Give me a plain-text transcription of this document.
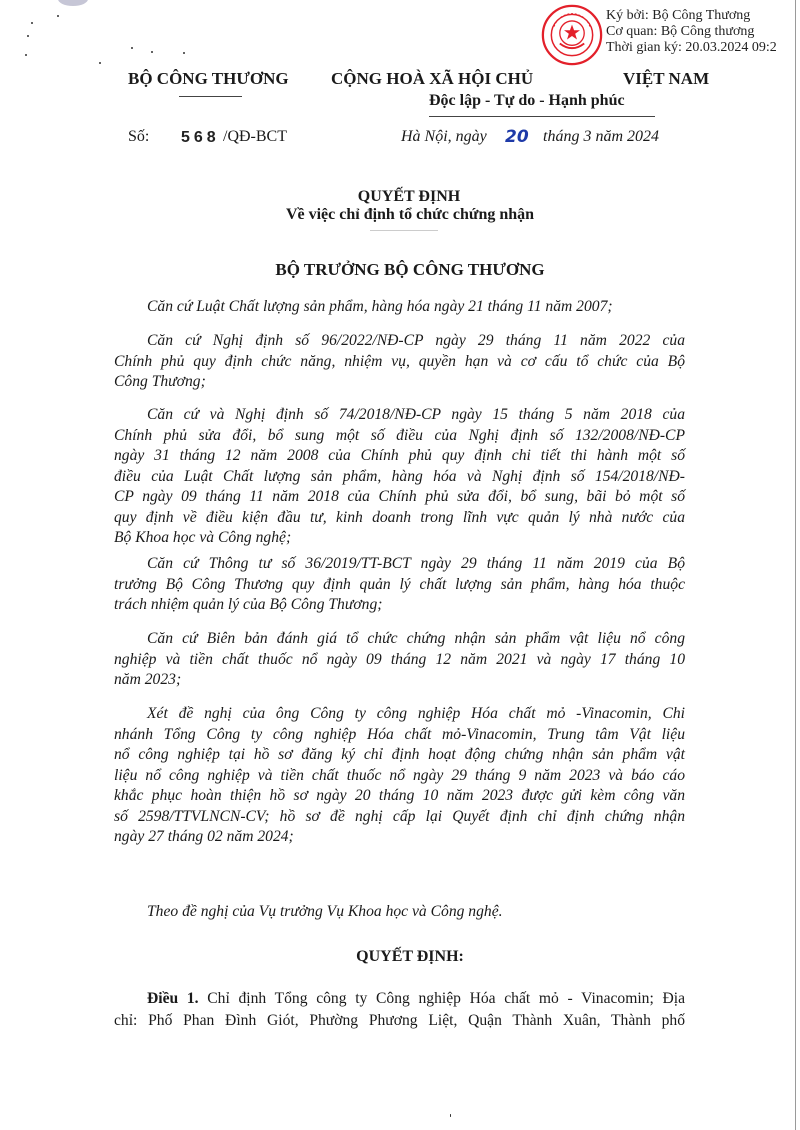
BỘ CÔNG THƯƠNG CỘNG HOÀ XÃ HỘI CHỦ	VIỆT NAM
Độc lập - Tự do - Hạnh phúc
Số: 568 /QĐ-BCT	Hà Nội, ngày 20 tháng 3 năm 2024
Ký bởi: Bộ Công Thương
Cơ quan: Bộ Công thương
Thời gian ký: 20.03.2024 09:2
QUYẾT ĐỊNH
Về việc chỉ định tổ chức chứng nhận
BỘ TRƯỞNG BỘ CÔNG THƯƠNG
Căn cứ Luật Chất lượng sản phẩm, hàng hóa ngày 21 tháng 11 năm 2007;
Căn cứ Nghị định số 96/2022/NĐ-CP ngày 29 tháng 11 năm 2022 của
Chính phủ quy định chức năng, nhiệm vụ, quyền hạn và cơ cấu tổ chức của Bộ
Công Thương;
Căn cứ và Nghị định số 74/2018/NĐ-CP ngày 15 tháng 5 năm 2018 của
Chính phủ sửa đổi, bổ sung một số điều của Nghị định số 132/2008/NĐ-CP
ngày 31 tháng 12 năm 2008 của Chính phủ quy định chi tiết thi hành một số
điều của Luật Chất lượng sản phẩm, hàng hóa và Nghị định số 154/2018/NĐ-
CP ngày 09 tháng 11 năm 2018 của Chính phủ sửa đổi, bổ sung, bãi bỏ một số
quy định về điều kiện đầu tư, kinh doanh trong lĩnh vực quản lý nhà nước của
Bộ Khoa học và Công nghệ;
Căn cứ Thông tư số 36/2019/TT-BCT ngày 29 tháng 11 năm 2019 của Bộ
trưởng Bộ Công Thương quy định quản lý chất lượng sản phẩm, hàng hóa thuộc
trách nhiệm quản lý của Bộ Công Thương;
Căn cứ Biên bản đánh giá tổ chức chứng nhận sản phẩm vật liệu nổ công
nghiệp và tiền chất thuốc nổ ngày 09 tháng 12 năm 2021 và ngày 17 tháng 10
năm 2023;
Xét đề nghị của ông Công ty công nghiệp Hóa chất mỏ -Vinacomin, Chi
nhánh Tổng Công ty công nghiệp Hóa chất mỏ-Vinacomin, Trung tâm Vật liệu
nổ công nghiệp tại hồ sơ đăng ký chỉ định hoạt động chứng nhận sản phẩm vật
liệu nổ công nghiệp và tiền chất thuốc nổ ngày 29 tháng 9 năm 2023 và báo cáo
khắc phục hoàn thiện hồ sơ ngày 20 tháng 10 năm 2023 được gửi kèm công văn
số 2598/TTVLNCN-CV; hồ sơ đề nghị cấp lại Quyết định chỉ định chứng nhận
ngày 27 tháng 02 năm 2024;
Theo đề nghị của Vụ trưởng Vụ Khoa học và Công nghệ.
QUYẾT ĐỊNH:
Điều 1. Chỉ định Tổng công ty Công nghiệp Hóa chất mỏ - Vinacomin; Địa
chỉ: Phố Phan Đình Giót, Phường Phương Liệt, Quận Thành Xuân, Thành phố
